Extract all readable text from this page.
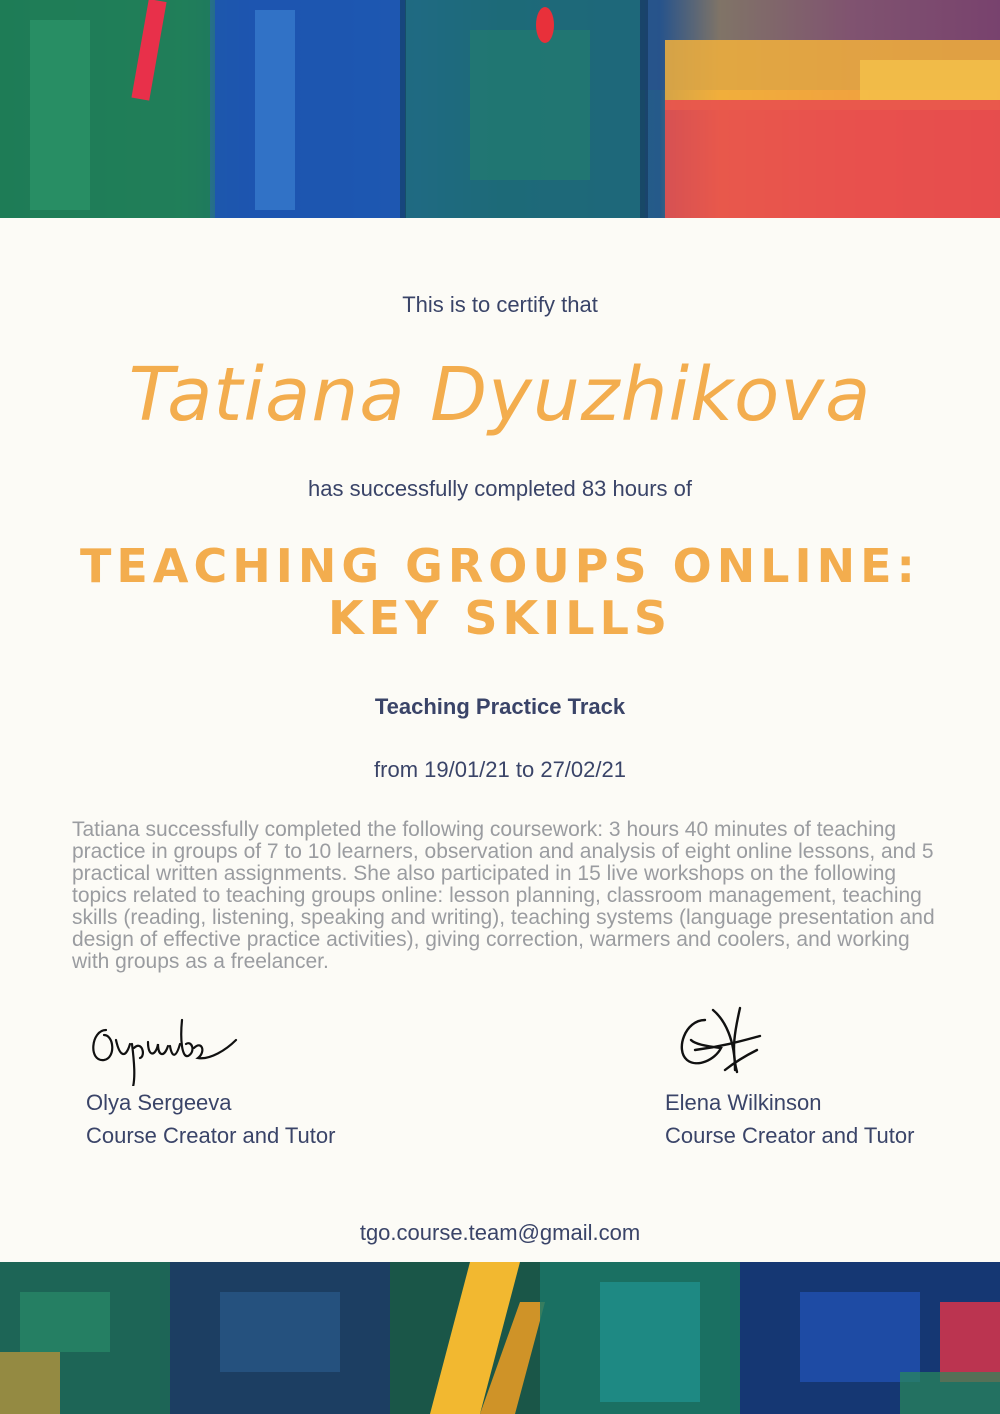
This is to certify that
Tatiana Dyuzhikova
has successfully completed 83 hours of
TEACHING GROUPS ONLINE:
KEY SKILLS
Teaching Practice Track
from 19/01/21 to 27/02/21
Tatiana successfully completed the following coursework: 3 hours 40 minutes of teaching practice in groups of 7 to 10 learners, observation and analysis of eight online lessons, and 5 practical written assignments. She also participated in 15 live workshops on the following topics related to teaching groups online: lesson planning, classroom management, teaching skills (reading, listening, speaking and writing), teaching systems (language presentation and design of effective practice activities), giving correction, warmers and coolers, and working with groups as a freelancer.
Olya Sergeeva
Course Creator and Tutor
Elena Wilkinson
Course Creator and Tutor
tgo.course.team@gmail.com
